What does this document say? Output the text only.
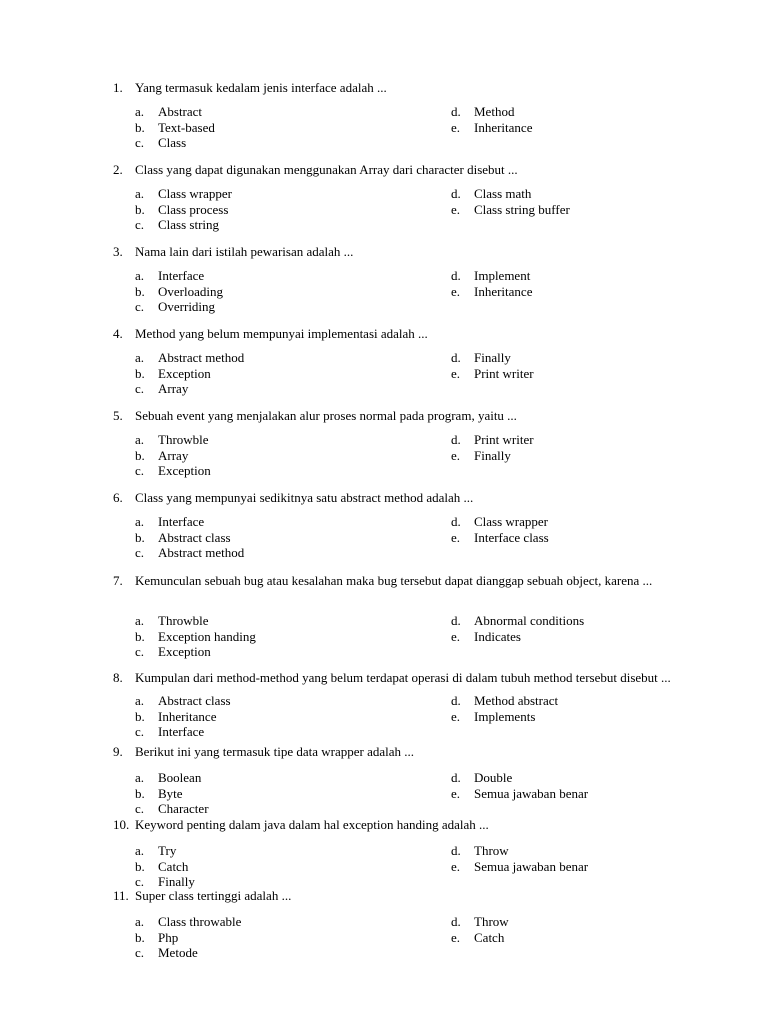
1. Yang termasuk kedalam jenis interface adalah ...
a. Abstract
b. Text-based
c. Class
d. Method
e. Inheritance
2. Class yang dapat digunakan menggunakan Array dari character disebut ...
a. Class wrapper
b. Class process
c. Class string
d. Class math
e. Class string buffer
3. Nama lain dari istilah pewarisan adalah ...
a. Interface
b. Overloading
c. Overriding
d. Implement
e. Inheritance
4. Method yang belum mempunyai implementasi adalah ...
a. Abstract method
b. Exception
c. Array
d. Finally
e. Print writer
5. Sebuah event yang menjalakan alur proses normal pada program, yaitu ...
a. Throwble
b. Array
c. Exception
d. Print writer
e. Finally
6. Class yang mempunyai sedikitnya satu abstract method adalah ...
a. Interface
b. Abstract class
c. Abstract method
d. Class wrapper
e. Interface class
7. Kemunculan sebuah bug atau kesalahan maka bug tersebut dapat dianggap sebuah object, karena ...
a. Throwble
b. Exception handing
c. Exception
d. Abnormal conditions
e. Indicates
8. Kumpulan dari method-method yang belum terdapat operasi di dalam tubuh method tersebut disebut ...
a. Abstract class
b. Inheritance
c. Interface
d. Method abstract
e. Implements
9. Berikut ini yang termasuk tipe data wrapper adalah ...
a. Boolean
b. Byte
c. Character
d. Double
e. Semua jawaban benar
10. Keyword penting dalam java dalam hal exception handing adalah ...
a. Try
b. Catch
c. Finally
d. Throw
e. Semua jawaban benar
11. Super class tertinggi adalah ...
a. Class throwable
b. Php
c. Metode
d. Throw
e. Catch
